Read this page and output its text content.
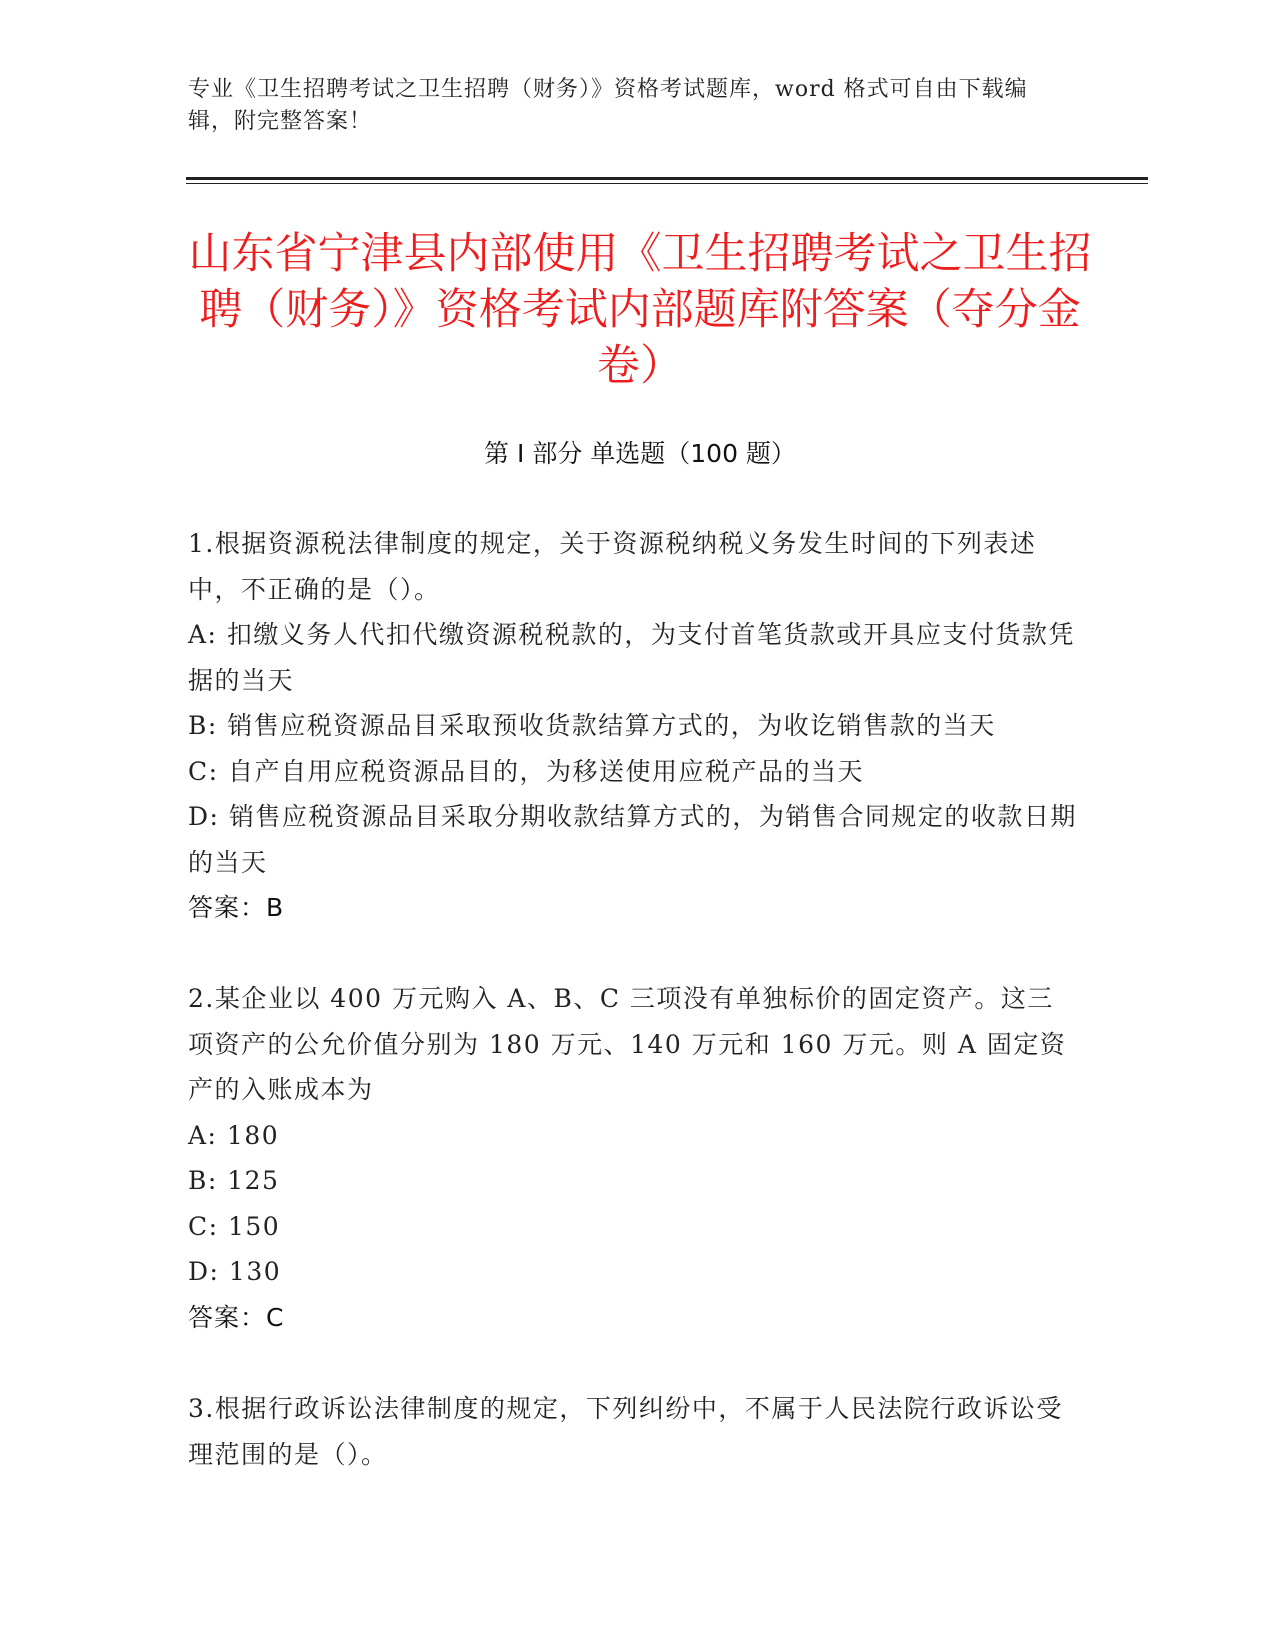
专业《卫生招聘考试之卫生招聘（财务）》资格考试题库，word 格式可自由下载编辑，附完整答案！
山东省宁津县内部使用《卫生招聘考试之卫生招聘（财务）》资格考试内部题库附答案（夺分金卷）
第 I 部分 单选题（100 题）
1.根据资源税法律制度的规定，关于资源税纳税义务发生时间的下列表述中，不正确的是（）。
A: 扣缴义务人代扣代缴资源税税款的，为支付首笔货款或开具应支付货款凭据的当天
B: 销售应税资源品目采取预收货款结算方式的，为收讫销售款的当天
C: 自产自用应税资源品目的，为移送使用应税产品的当天
D: 销售应税资源品目采取分期收款结算方式的，为销售合同规定的收款日期的当天
答案：B
2.某企业以 400 万元购入 A、B、C 三项没有单独标价的固定资产。这三项资产的公允价值分别为 180 万元、140 万元和 160 万元。则 A 固定资产的入账成本为
A: 180
B: 125
C: 150
D: 130
答案：C
3.根据行政诉讼法律制度的规定，下列纠纷中，不属于人民法院行政诉讼受理范围的是（）。
